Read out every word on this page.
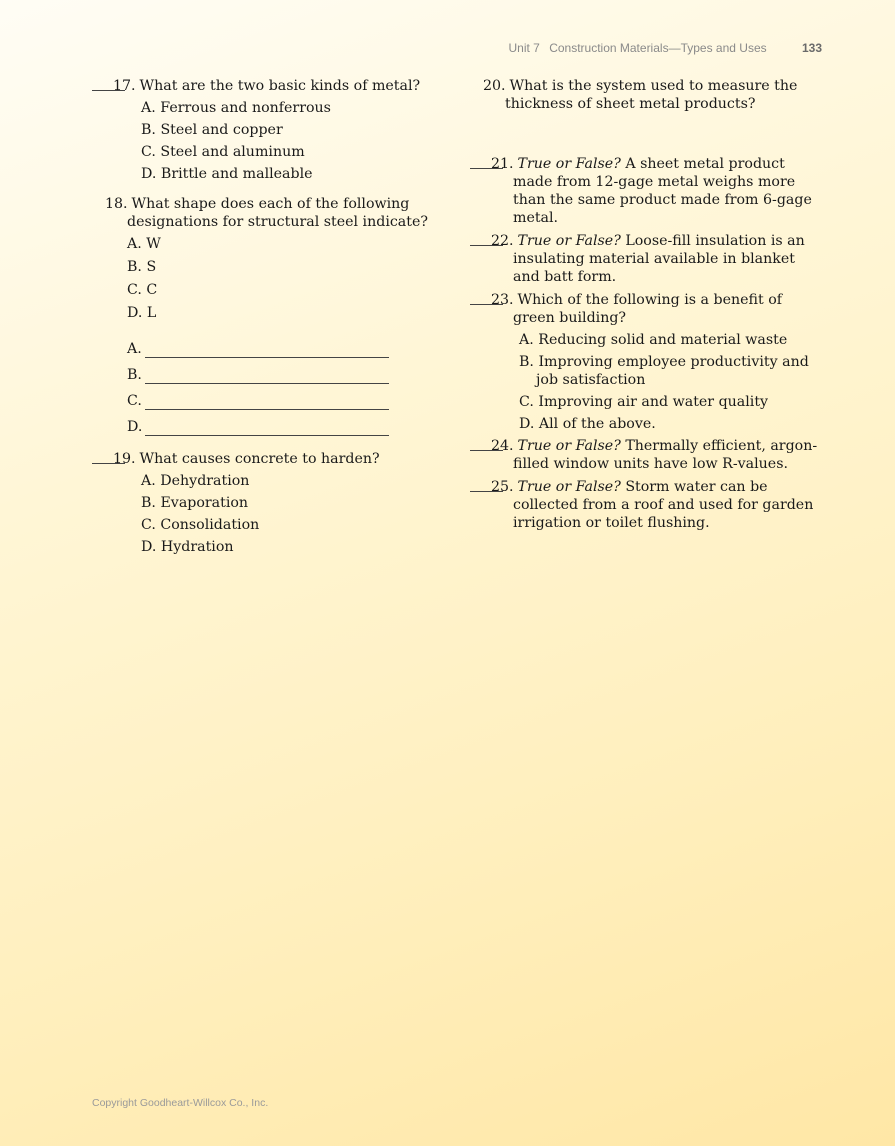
Unit 7 Construction Materials—Types and Uses	133
17. What are the two basic kinds of metal?
A. Ferrous and nonferrous
B. Steel and copper
C. Steel and aluminum
D. Brittle and malleable
18. What shape does each of the following designations for structural steel indicate?
A. W
B. S
C. C
D. L
A.
B.
C.
D.
19. What causes concrete to harden?
A. Dehydration
B. Evaporation
C. Consolidation
D. Hydration
20. What is the system used to measure the thickness of sheet metal products?
21. True or False? A sheet metal product made from 12-gage metal weighs more than the same product made from 6-gage metal.
22. True or False? Loose-fill insulation is an insulating material available in blanket and batt form.
23. Which of the following is a benefit of green building?
A. Reducing solid and material waste
B. Improving employee productivity and job satisfaction
C. Improving air and water quality
D. All of the above.
24. True or False? Thermally efficient, argon-filled window units have low R-values.
25. True or False? Storm water can be collected from a roof and used for garden irrigation or toilet flushing.
Copyright Goodheart-Willcox Co., Inc.
